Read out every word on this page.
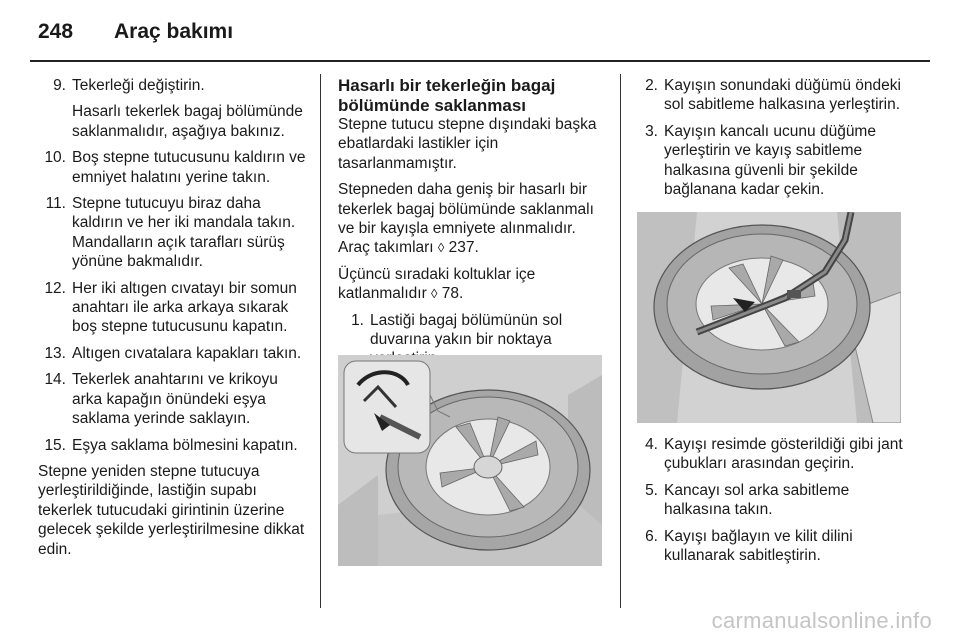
248 Araç bakımı
9. Tekerleği değiştirin.
Hasarlı tekerlek bagaj bölümünde saklanmalıdır, aşağıya bakınız.
10. Boş stepne tutucusunu kaldırın ve emniyet halatını yerine takın.
11. Stepne tutucuyu biraz daha kaldırın ve her iki mandala takın. Mandalların açık tarafları sürüş yönüne bakmalıdır.
12. Her iki altıgen cıvatayı bir somun anahtarı ile arka arkaya sıkarak boş stepne tutucusunu kapatın.
13. Altıgen cıvatalara kapakları takın.
14. Tekerlek anahtarını ve krikoyu arka kapağın önündeki eşya saklama yerinde saklayın.
15. Eşya saklama bölmesini kapatın.

Stepne yeniden stepne tutucuya yerleştirildiğinde, lastiğin supabı tekerlek tutucudaki girintinin üzerine gelecek şekilde yerleştirilmesine dikkat edin.

Hasarlı bir tekerleğin bagaj bölümünde saklanması

Stepne tutucu stepne dışındaki başka ebatlardaki lastikler için tasarlanmamıştır.

Stepneden daha geniş bir hasarlı bir tekerlek bagaj bölümünde saklanmalı ve bir kayışla emniyete alınmalıdır. Araç takımları ◊ 237.

Üçüncü sıradaki koltuklar içe katlanmalıdır ◊ 78.

1. Lastiği bagaj bölümünün sol duvarına yakın bir noktaya
2. Kayışın sonundaki düğümü öndeki sol sabitleme halkasına yerleştirin.
3. Kayışın kancalı ucunu düğüme yerleştirin ve kayış sabitleme halkasına güvenli bir şekilde bağlanana kadar çekin.
4. Kayışı resimde gösterildiği gibi jant çubukları arasından geçirin.
5. Kancayı sol arka sabitleme halkasına takın.
6. Kayışı bağlayın ve kilit dilini kullanarak sabitleştirin.
carmanualsonline.info
